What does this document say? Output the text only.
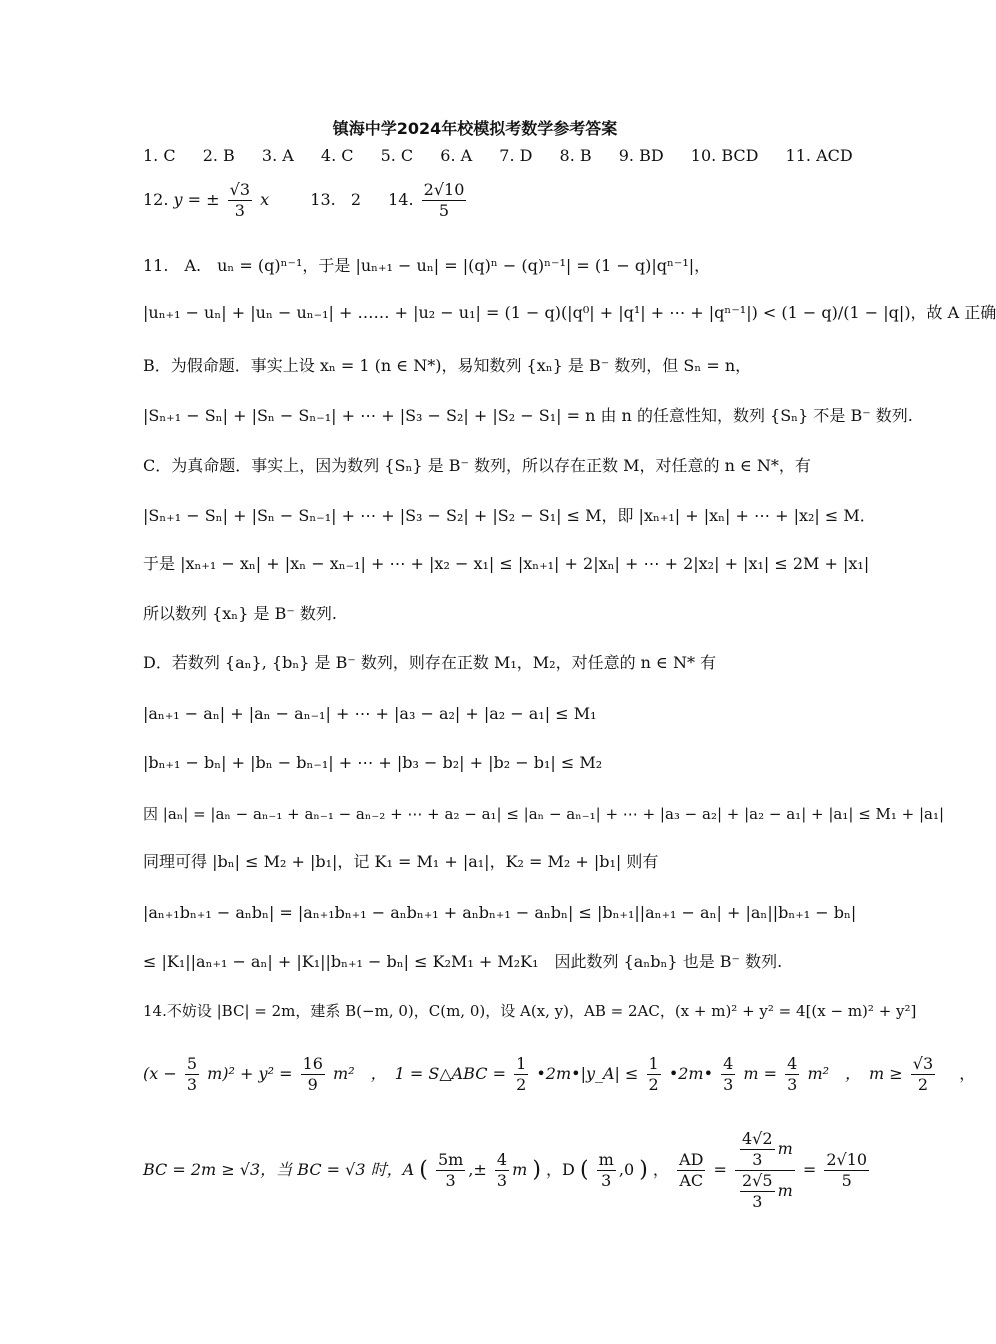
镇海中学2024年校模拟考数学参考答案
1. C 2. B 3. A 4. C 5. C 6. A 7. D 8. B 9. BD 10. BCD 11. ACD
12. y = ± $\frac{√3}{3}$ x	13. 2 14. $\frac{2√10}{5}$
11.　A.　uₙ = (q)ⁿ⁻¹，于是 |uₙ₊₁ − uₙ| = |(q)ⁿ − (q)ⁿ⁻¹| = (1 − q)|qⁿ⁻¹|，
|uₙ₊₁ − uₙ| + |uₙ − uₙ₋₁| + …… + |u₂ − u₁| = (1 − q)(|q⁰| + |q¹| + ⋯ + |qⁿ⁻¹|) < (1 − q)/(1 − |q|)，故 A 正确
B．为假命题．事实上设 xₙ = 1 (n ∈ N*)，易知数列 {xₙ} 是 B⁻ 数列，但 Sₙ = n，
|Sₙ₊₁ − Sₙ| + |Sₙ − Sₙ₋₁| + ⋯ + |S₃ − S₂| + |S₂ − S₁| = n 由 n 的任意性知，数列 {Sₙ} 不是 B⁻ 数列.
C．为真命题．事实上，因为数列 {Sₙ} 是 B⁻ 数列，所以存在正数 M，对任意的 n ∈ N*，有
|Sₙ₊₁ − Sₙ| + |Sₙ − Sₙ₋₁| + ⋯ + |S₃ − S₂| + |S₂ − S₁| ≤ M，即 |xₙ₊₁| + |xₙ| + ⋯ + |x₂| ≤ M．
于是 |xₙ₊₁ − xₙ| + |xₙ − xₙ₋₁| + ⋯ + |x₂ − x₁| ≤ |xₙ₊₁| + 2|xₙ| + ⋯ + 2|x₂| + |x₁| ≤ 2M + |x₁|
所以数列 {xₙ} 是 B⁻ 数列.
D．若数列 {aₙ}, {bₙ} 是 B⁻ 数列，则存在正数 M₁，M₂，对任意的 n ∈ N* 有
|aₙ₊₁ − aₙ| + |aₙ − aₙ₋₁| + ⋯ + |a₃ − a₂| + |a₂ − a₁| ≤ M₁
|bₙ₊₁ − bₙ| + |bₙ − bₙ₋₁| + ⋯ + |b₃ − b₂| + |b₂ − b₁| ≤ M₂
因 |aₙ| = |aₙ − aₙ₋₁ + aₙ₋₁ − aₙ₋₂ + ⋯ + a₂ − a₁| ≤ |aₙ − aₙ₋₁| + ⋯ + |a₃ − a₂| + |a₂ − a₁| + |a₁| ≤ M₁ + |a₁|
同理可得 |bₙ| ≤ M₂ + |b₁|，记 K₁ = M₁ + |a₁|，K₂ = M₂ + |b₁| 则有
|aₙ₊₁bₙ₊₁ − aₙbₙ| = |aₙ₊₁bₙ₊₁ − aₙbₙ₊₁ + aₙbₙ₊₁ − aₙbₙ| ≤ |bₙ₊₁||aₙ₊₁ − aₙ| + |aₙ||bₙ₊₁ − bₙ|
≤ |K₁||aₙ₊₁ − aₙ| + |K₁||bₙ₊₁ − bₙ| ≤ K₂M₁ + M₂K₁　因此数列 {aₙbₙ} 也是 B⁻ 数列.
14.不妨设 |BC| = 2m，建系 B(−m, 0)，C(m, 0)，设 A(x, y)，AB = 2AC，(x + m)² + y² = 4[(x − m)² + y²]
$(x - \frac{5}{3} m)^2 + y^2 = \frac{16}{9} m^2$　，　1 = S△ABC = $\frac{1}{2}$ •2m•|y_A| ≤ $\frac{1}{2}$ •2m• $\frac{4}{3}$ $m = \frac{4}{3} m^2$　，　$m \ge \frac{√3}{2}$ 　，
BC = 2m ≥ √3，当 BC = √3 时，A ( $\frac{5m}{3}$ ,± $\frac{4}{3}$ m ) ，D ( $\frac{m}{3} ,0$ ) ， $\frac{AD}{AC} = \frac{\frac{4√2}{3} m}{\frac{2√5}{3} m} = \frac{2√10}{5}$
